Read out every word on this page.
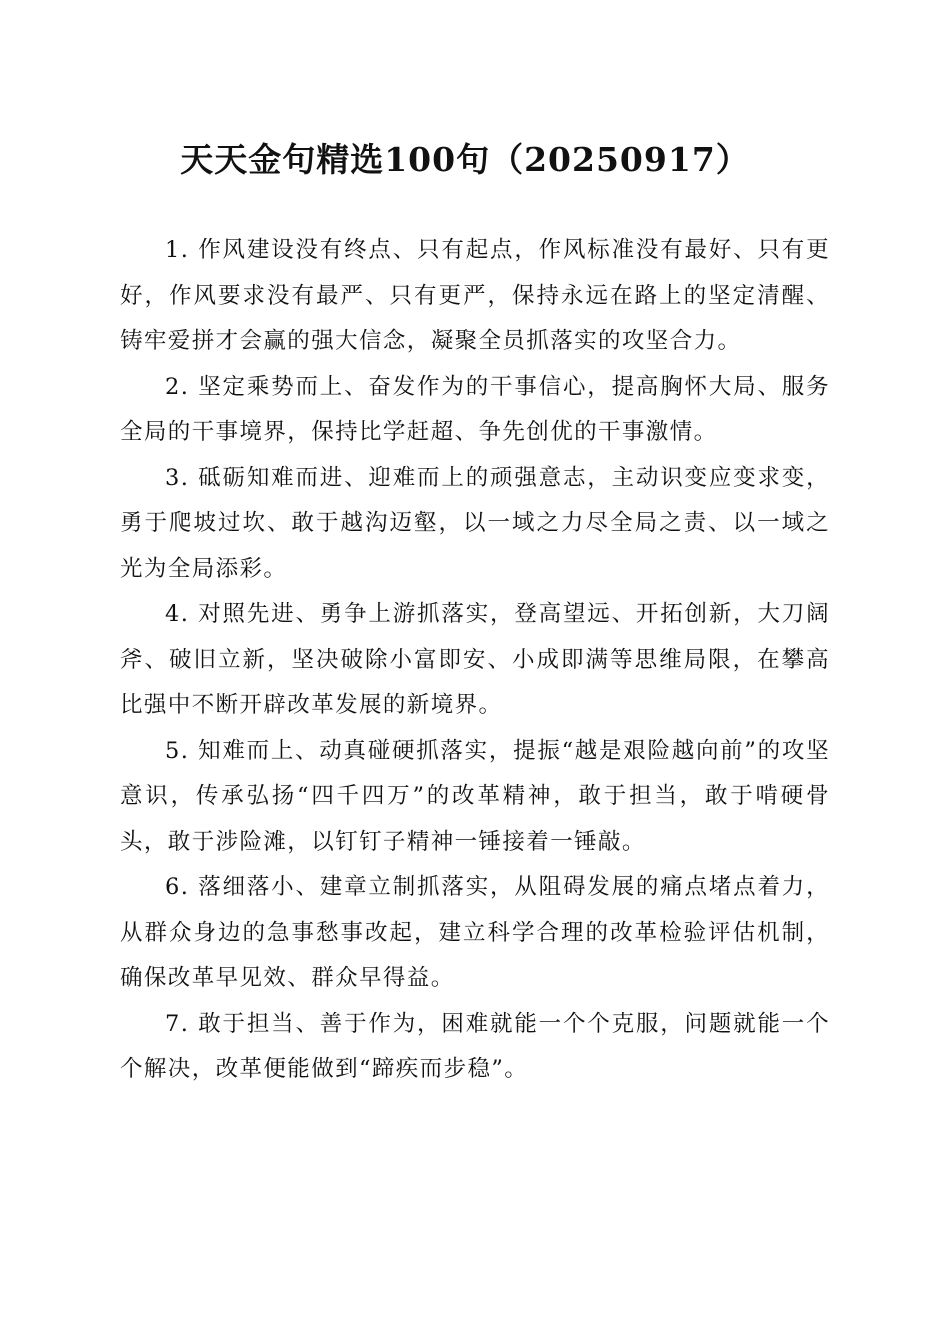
天天金句精选100句（20250917）

1. 作风建设没有终点、只有起点，作风标准没有最好、只有更好，作风要求没有最严、只有更严，保持永远在路上的坚定清醒、铸牢爱拼才会赢的强大信念，凝聚全员抓落实的攻坚合力。

2. 坚定乘势而上、奋发作为的干事信心，提高胸怀大局、服务全局的干事境界，保持比学赶超、争先创优的干事激情。

3. 砥砺知难而进、迎难而上的顽强意志，主动识变应变求变，勇于爬坡过坎、敢于越沟迈壑，以一域之力尽全局之责、以一域之光为全局添彩。

4. 对照先进、勇争上游抓落实，登高望远、开拓创新，大刀阔斧、破旧立新，坚决破除小富即安、小成即满等思维局限，在攀高比强中不断开辟改革发展的新境界。

5. 知难而上、动真碰硬抓落实，提振“越是艰险越向前”的攻坚意识，传承弘扬“四千四万”的改革精神，敢于担当，敢于啃硬骨头，敢于涉险滩，以钉钉子精神一锤接着一锤敲。

6. 落细落小、建章立制抓落实，从阻碍发展的痛点堵点着力，从群众身边的急事愁事改起，建立科学合理的改革检验评估机制，确保改革早见效、群众早得益。

7. 敢于担当、善于作为，困难就能一个个克服，问题就能一个个解决，改革便能做到“蹄疾而步稳”。
